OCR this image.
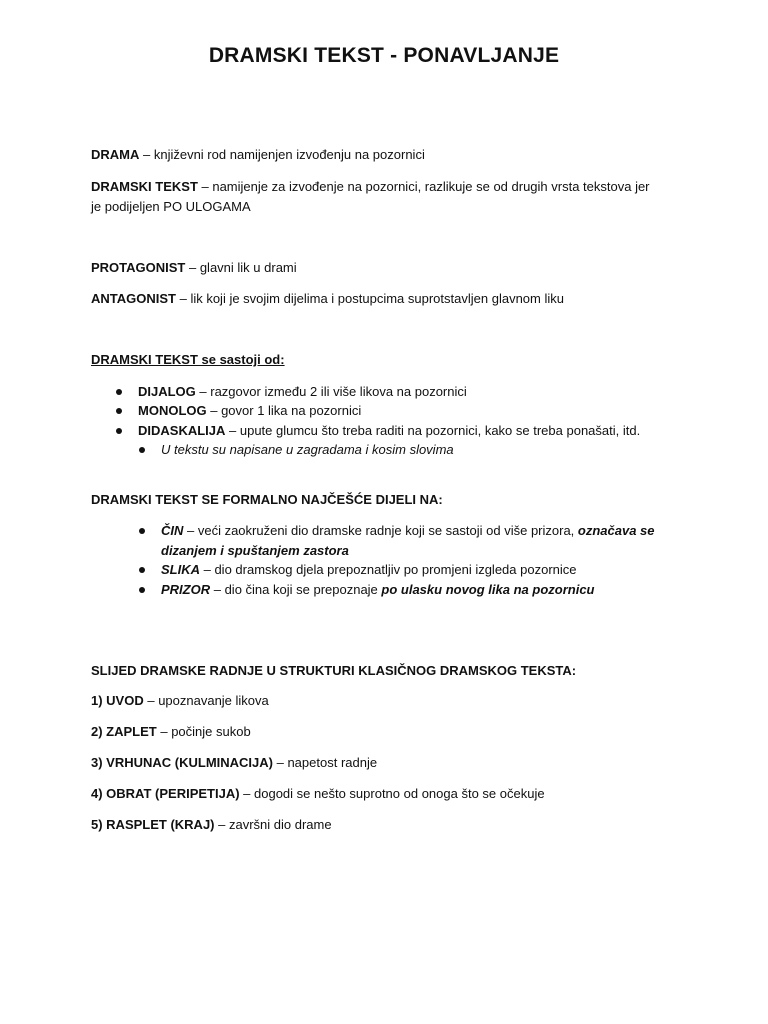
DRAMSKI TEKST - PONAVLJANJE
DRAMA – književni rod namijenjen izvođenju na pozornici
DRAMSKI TEKST – namijenje za izvođenje na pozornici, razlikuje se od drugih vrsta tekstova jer je podijeljen PO ULOGAMA
PROTAGONIST – glavni lik u drami
ANTAGONIST – lik koji je svojim dijelima i postupcima suprotstavljen glavnom liku
DRAMSKI TEKST se sastoji od:
DIJALOG – razgovor između 2 ili više likova na pozornici
MONOLOG – govor 1 lika na pozornici
DIDASKALIJA – upute glumcu što treba raditi na pozornici, kako se treba ponašati, itd.
U tekstu su napisane u zagradama i kosim slovima
DRAMSKI TEKST SE FORMALNO NAJČEŠĆE DIJELI NA:
ČIN – veći zaokruženi dio dramske radnje koji se sastoji od više prizora, označava se dizanjem i spuštanjem zastora
SLIKA – dio dramskog djela prepoznatljiv po promjeni izgleda pozornice
PRIZOR – dio čina koji se prepoznaje po ulasku novog lika na pozornicu
SLIJED DRAMSKE RADNJE U STRUKTURI KLASIČNOG DRAMSKOG TEKSTA:
1) UVOD – upoznavanje likova
2) ZAPLET – počinje sukob
3) VRHUNAC (KULMINACIJA) – napetost radnje
4) OBRAT (PERIPETIJA) – dogodi se nešto suprotno od onoga što se očekuje
5) RASPLET (KRAJ) – završni dio drame
